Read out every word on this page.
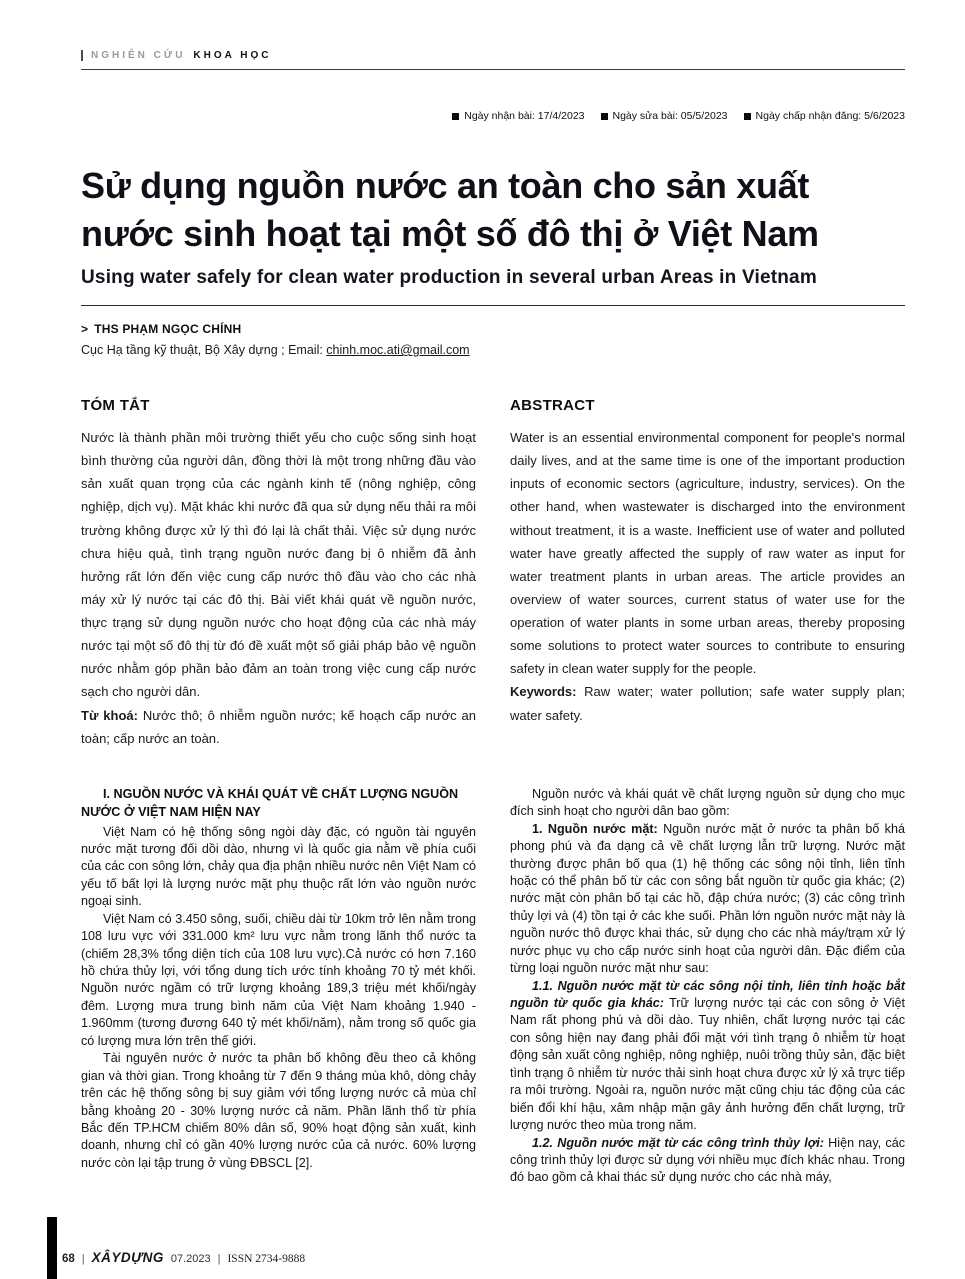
NGHIÊN CỨU KHOA HỌC
Ngày nhận bài: 17/4/2023	Ngày sửa bài: 05/5/2023	Ngày chấp nhận đăng: 5/6/2023
Sử dụng nguồn nước an toàn cho sản xuất
nước sinh hoạt tại một số đô thị ở Việt Nam
Using water safely for clean water production in several urban Areas in Vietnam
> THS PHẠM NGỌC CHÍNH
Cục Hạ tầng kỹ thuật, Bộ Xây dựng ; Email: chinh.moc.ati@gmail.com
TÓM TẮT

Nước là thành phần môi trường thiết yếu cho cuộc sống sinh hoạt bình thường của người dân, đồng thời là một trong những đầu vào sản xuất quan trọng của các ngành kinh tế (nông nghiệp, công nghiệp, dịch vụ). Mặt khác khi nước đã qua sử dụng nếu thải ra môi trường không được xử lý thì đó lại là chất thải. Việc sử dụng nước chưa hiệu quả, tình trạng nguồn nước đang bị ô nhiễm đã ảnh hưởng rất lớn đến việc cung cấp nước thô đầu vào cho các nhà máy xử lý nước tại các đô thị. Bài viết khái quát về nguồn nước, thực trạng sử dụng nguồn nước cho hoạt động của các nhà máy nước tại một số đô thị từ đó đề xuất một số giải pháp bảo vệ nguồn nước nhằm góp phần bảo đảm an toàn trong việc cung cấp nước sạch cho người dân.

Từ khoá: Nước thô; ô nhiễm nguồn nước; kế hoạch cấp nước an toàn; cấp nước an toàn.

ABSTRACT

Water is an essential environmental component for people's normal daily lives, and at the same time is one of the important production inputs of economic sectors (agriculture, industry, services). On the other hand, when wastewater is discharged into the environment without treatment, it is a waste. Inefficient use of water and polluted water have greatly affected the supply of raw water as input for water treatment plants in urban areas. The article provides an overview of water sources, current status of water use for the operation of water plants in some urban areas, thereby proposing some solutions to protect water sources to contribute to ensuring safety in clean water supply for the people.

Keywords: Raw water; water pollution; safe water supply plan; water safety.

I. NGUỒN NƯỚC VÀ KHÁI QUÁT VỀ CHẤT LƯỢNG NGUỒN NƯỚC Ở VIỆT NAM HIỆN NAY

Việt Nam có hệ thống sông ngòi dày đặc, có nguồn tài nguyên nước mặt tương đối dồi dào, nhưng vì là quốc gia nằm về phía cuối của các con sông lớn, chảy qua địa phận nhiều nước nên Việt Nam có yếu tố bất lợi là lượng nước mặt phụ thuộc rất lớn vào nguồn nước ngoại sinh.

Việt Nam có 3.450 sông, suối, chiều dài từ 10km trở lên nằm trong 108 lưu vực với 331.000 km² lưu vực nằm trong lãnh thổ nước ta (chiếm 28,3% tổng diện tích của 108 lưu vực).Cả nước có hơn 7.160 hồ chứa thủy lợi, với tổng dung tích ước tính khoảng 70 tỷ mét khối. Nguồn nước ngầm có trữ lượng khoảng 189,3 triệu mét khối/ngày đêm. Lượng mưa trung bình năm của Việt Nam khoảng 1.940 - 1.960mm (tương đương 640 tỷ mét khối/năm), nằm trong số quốc gia có lượng mưa lớn trên thế giới.

Tài nguyên nước ở nước ta phân bố không đều theo cả không gian và thời gian. Trong khoảng từ 7 đến 9 tháng mùa khô, dòng chảy trên các hệ thống sông bị suy giảm với tổng lượng nước cả mùa chỉ bằng khoảng 20 - 30% lượng nước cả năm. Phần lãnh thổ từ phía Bắc đến TP.HCM chiếm 80% dân số, 90% hoạt động sản xuất, kinh doanh, nhưng chỉ có gần 40% lượng nước của cả nước. 60% lượng nước còn lại tập trung ở vùng ĐBSCL [2].

Nguồn nước và khái quát về chất lượng nguồn sử dụng cho mục đích sinh hoạt cho người dân bao gồm:

1. Nguồn nước mặt: Nguồn nước mặt ở nước ta phân bố khá phong phú và đa dạng cả về chất lượng lẫn trữ lượng. Nước mặt thường được phân bố qua (1) hệ thống các sông nội tỉnh, liên tỉnh hoặc có thể phân bố từ các con sông bắt nguồn từ quốc gia khác; (2) nước mặt còn phân bố tại các hồ, đập chứa nước; (3) các công trình thủy lợi và (4) tồn tại ở các khe suối. Phần lớn nguồn nước mặt này là nguồn nước thô được khai thác, sử dụng cho các nhà máy/trạm xử lý nước phục vụ cho cấp nước sinh hoạt của người dân. Đặc điểm của từng loại nguồn nước mặt như sau:

1.1. Nguồn nước mặt từ các sông nội tỉnh, liên tỉnh hoặc bắt nguồn từ quốc gia khác: Trữ lượng nước tại các con sông ở Việt Nam rất phong phú và dồi dào. Tuy nhiên, chất lượng nước tại các con sông hiện nay đang phải đối mặt với tình trạng ô nhiễm từ hoạt động sản xuất công nghiệp, nông nghiệp, nuôi trồng thủy sản, đặc biệt tình trạng ô nhiễm từ nước thải sinh hoạt chưa được xử lý xả trực tiếp ra môi trường. Ngoài ra, nguồn nước mặt cũng chịu tác động của các biến đổi khí hậu, xâm nhập mặn gây ảnh hưởng đến chất lượng, trữ lượng nước theo mùa trong năm.

1.2. Nguồn nước mặt từ các công trình thủy lợi: Hiện nay, các công trình thủy lợi được sử dụng với nhiều mục đích khác nhau. Trong đó bao gồm cả khai thác sử dụng nước cho các nhà máy,

68 | XÂYDỰNG 07.2023 | ISSN 2734-9888
